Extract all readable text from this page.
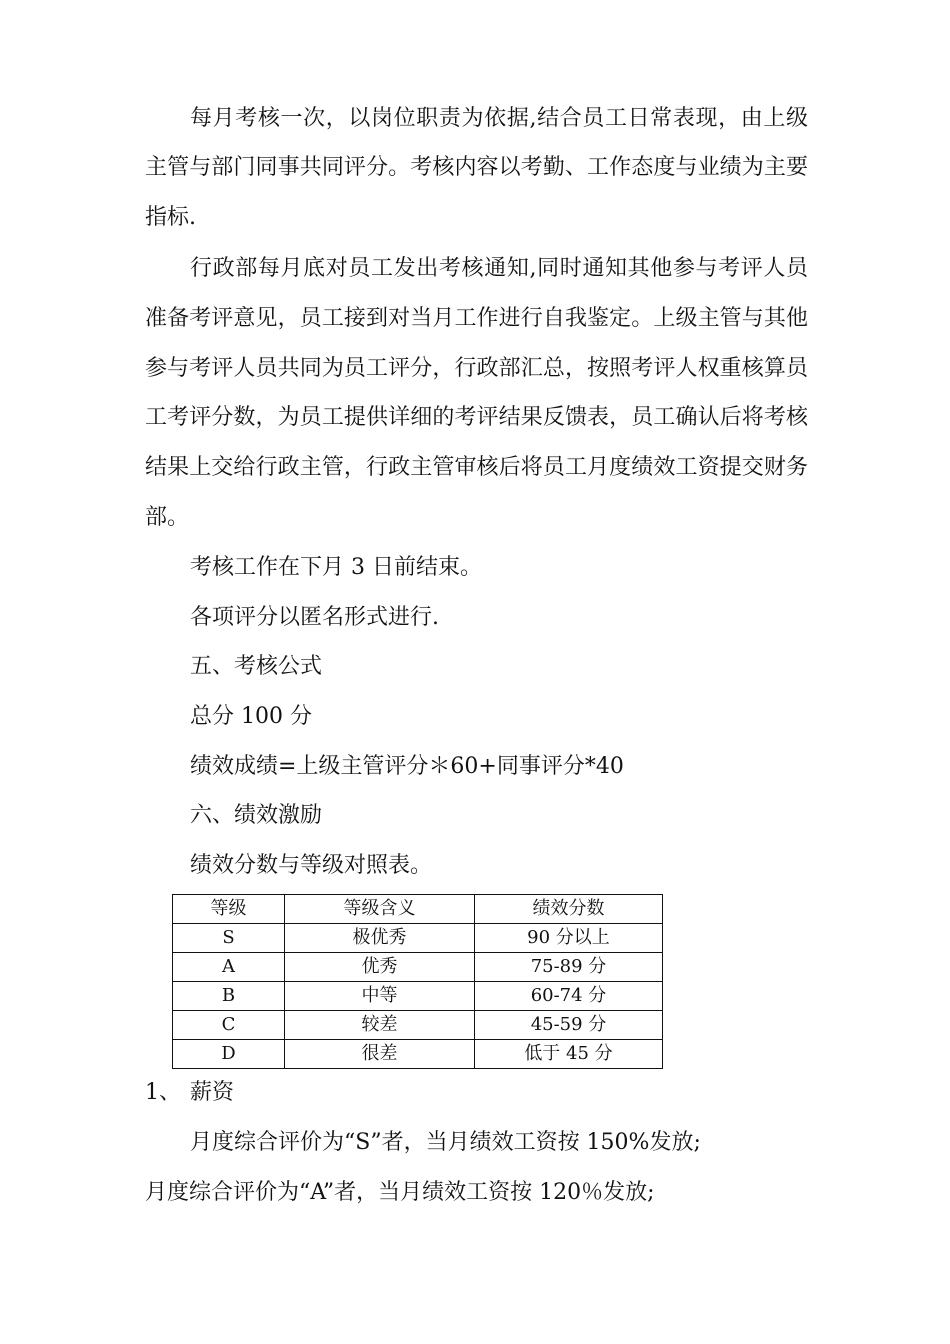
每月考核一次，以岗位职责为依据,结合员工日常表现，由上级
主管与部门同事共同评分。考核内容以考勤、工作态度与业绩为主要
指标.
行政部每月底对员工发出考核通知,同时通知其他参与考评人员
准备考评意见，员工接到对当月工作进行自我鉴定。上级主管与其他
参与考评人员共同为员工评分，行政部汇总，按照考评人权重核算员
工考评分数，为员工提供详细的考评结果反馈表，员工确认后将考核
结果上交给行政主管，行政主管审核后将员工月度绩效工资提交财务
部。
考核工作在下月 3 日前结束。
各项评分以匿名形式进行.
五、考核公式
总分 100 分
绩效成绩=上级主管评分＊60+同事评分*40
六、绩效激励
绩效分数与等级对照表。
等级	等级含义	绩效分数
S	极优秀	90 分以上
A	优秀	75-89 分
B	中等	60-74 分
C	较差	45-59 分
D	很差	低于 45 分
1、 薪资
月度综合评价为“S”者，当月绩效工资按 150%发放;
月度综合评价为“A”者，当月绩效工资按 120％发放;
